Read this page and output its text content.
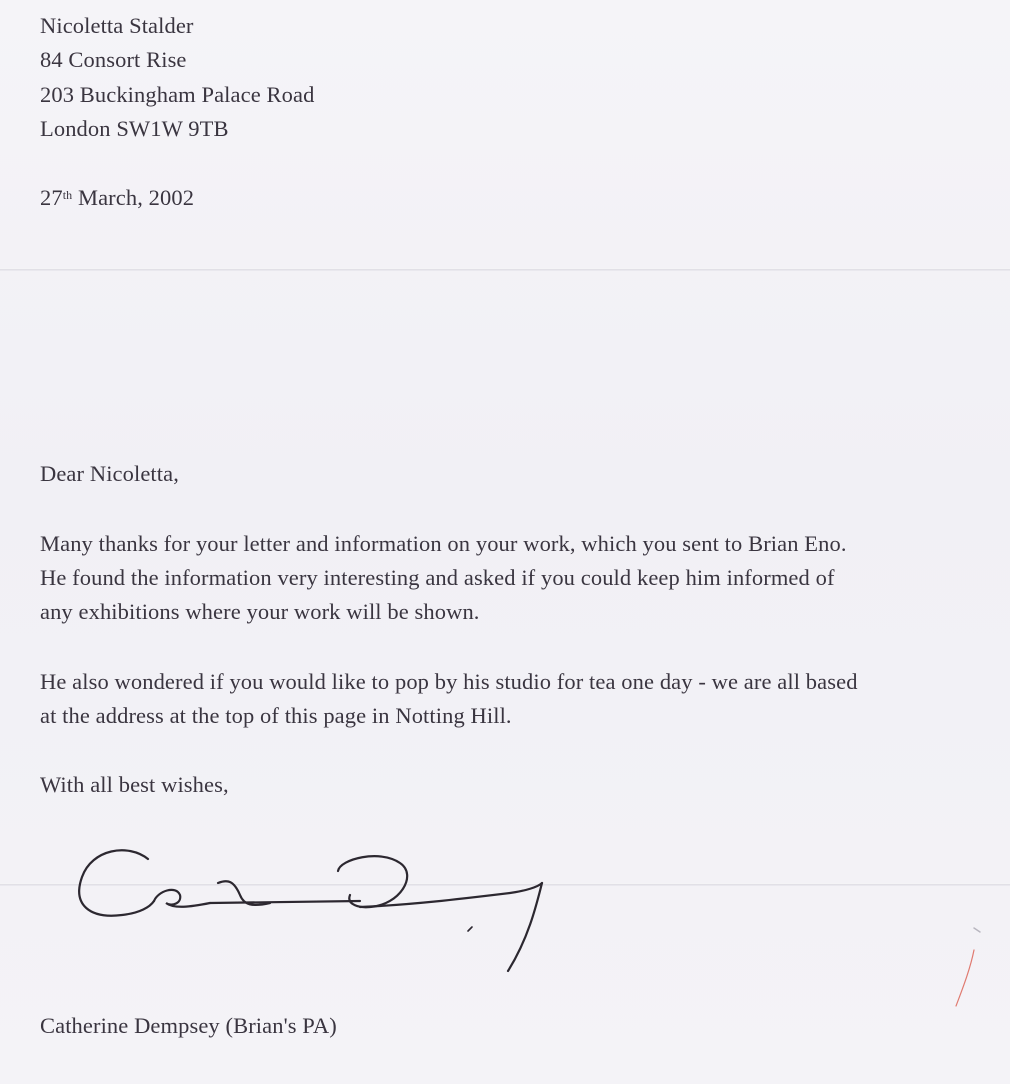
Nicoletta Stalder
84 Consort Rise
203 Buckingham Palace Road
London SW1W 9TB
27th March, 2002
Dear Nicoletta,
Many thanks for your letter and information on your work, which you sent to Brian Eno.
He found the information very interesting and asked if you could keep him informed of
any exhibitions where your work will be shown.
He also wondered if you would like to pop by his studio for tea one day - we are all based
at the address at the top of this page in Notting Hill.
With all best wishes,
Catherine Dempsey (Brian's PA)
